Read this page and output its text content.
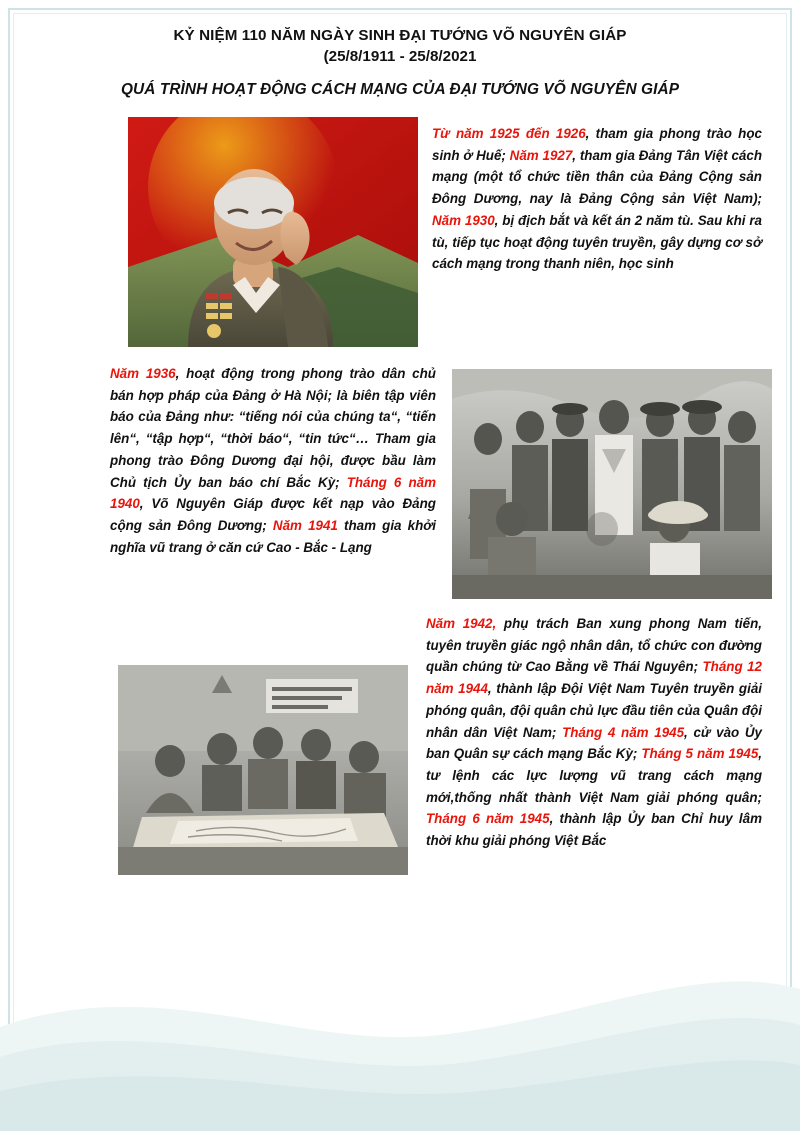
KỶ NIỆM 110 NĂM NGÀY SINH ĐẠI TƯỚNG VÕ NGUYÊN GIÁP
(25/8/1911 - 25/8/2021
QUÁ TRÌNH HOẠT ĐỘNG CÁCH MẠNG CỦA ĐẠI TƯỚNG VÕ NGUYÊN GIÁP
Từ năm 1925 đến 1926, tham gia phong trào học sinh ở Huế; Năm 1927, tham gia Đảng Tân Việt cách mạng (một tổ chức tiền thân của Đảng Cộng sản Đông Dương, nay là Đảng Cộng sản Việt Nam); Năm 1930, bị địch bắt và kết án 2 năm tù. Sau khi ra tù, tiếp tục hoạt động tuyên truyền, gây dựng cơ sở cách mạng trong thanh niên, học sinh
Năm 1936, hoạt động trong phong trào dân chủ bán hợp pháp của Đảng ở Hà Nội; là biên tập viên báo của Đảng như: “tiếng nói của chúng ta“, “tiến lên“, “tập hợp“, “thời báo“, “tin tức“… Tham gia phong trào Đông Dương đại hội, được bầu làm Chủ tịch Ủy ban báo chí Bắc Kỳ; Tháng 6 năm 1940, Võ Nguyên Giáp được kết nạp vào Đảng cộng sản Đông Dương; Năm 1941 tham gia khởi nghĩa vũ trang ở căn cứ Cao - Bắc - Lạng
Năm 1942, phụ trách Ban xung phong Nam tiến, tuyên truyền giác ngộ nhân dân, tổ chức con đường quần chúng từ Cao Bằng về Thái Nguyên; Tháng 12 năm 1944, thành lập Đội Việt Nam Tuyên truyền giải phóng quân, đội quân chủ lực đầu tiên của Quân đội nhân dân Việt Nam; Tháng 4 năm 1945, cử vào Ủy ban Quân sự cách mạng Bắc Kỳ; Tháng 5 năm 1945, tư lệnh các lực lượng vũ trang cách mạng mới,thống nhất thành Việt Nam giải phóng quân; Tháng 6 năm 1945, thành lập Ủy ban Chỉ huy lâm thời khu giải phóng Việt Bắc
